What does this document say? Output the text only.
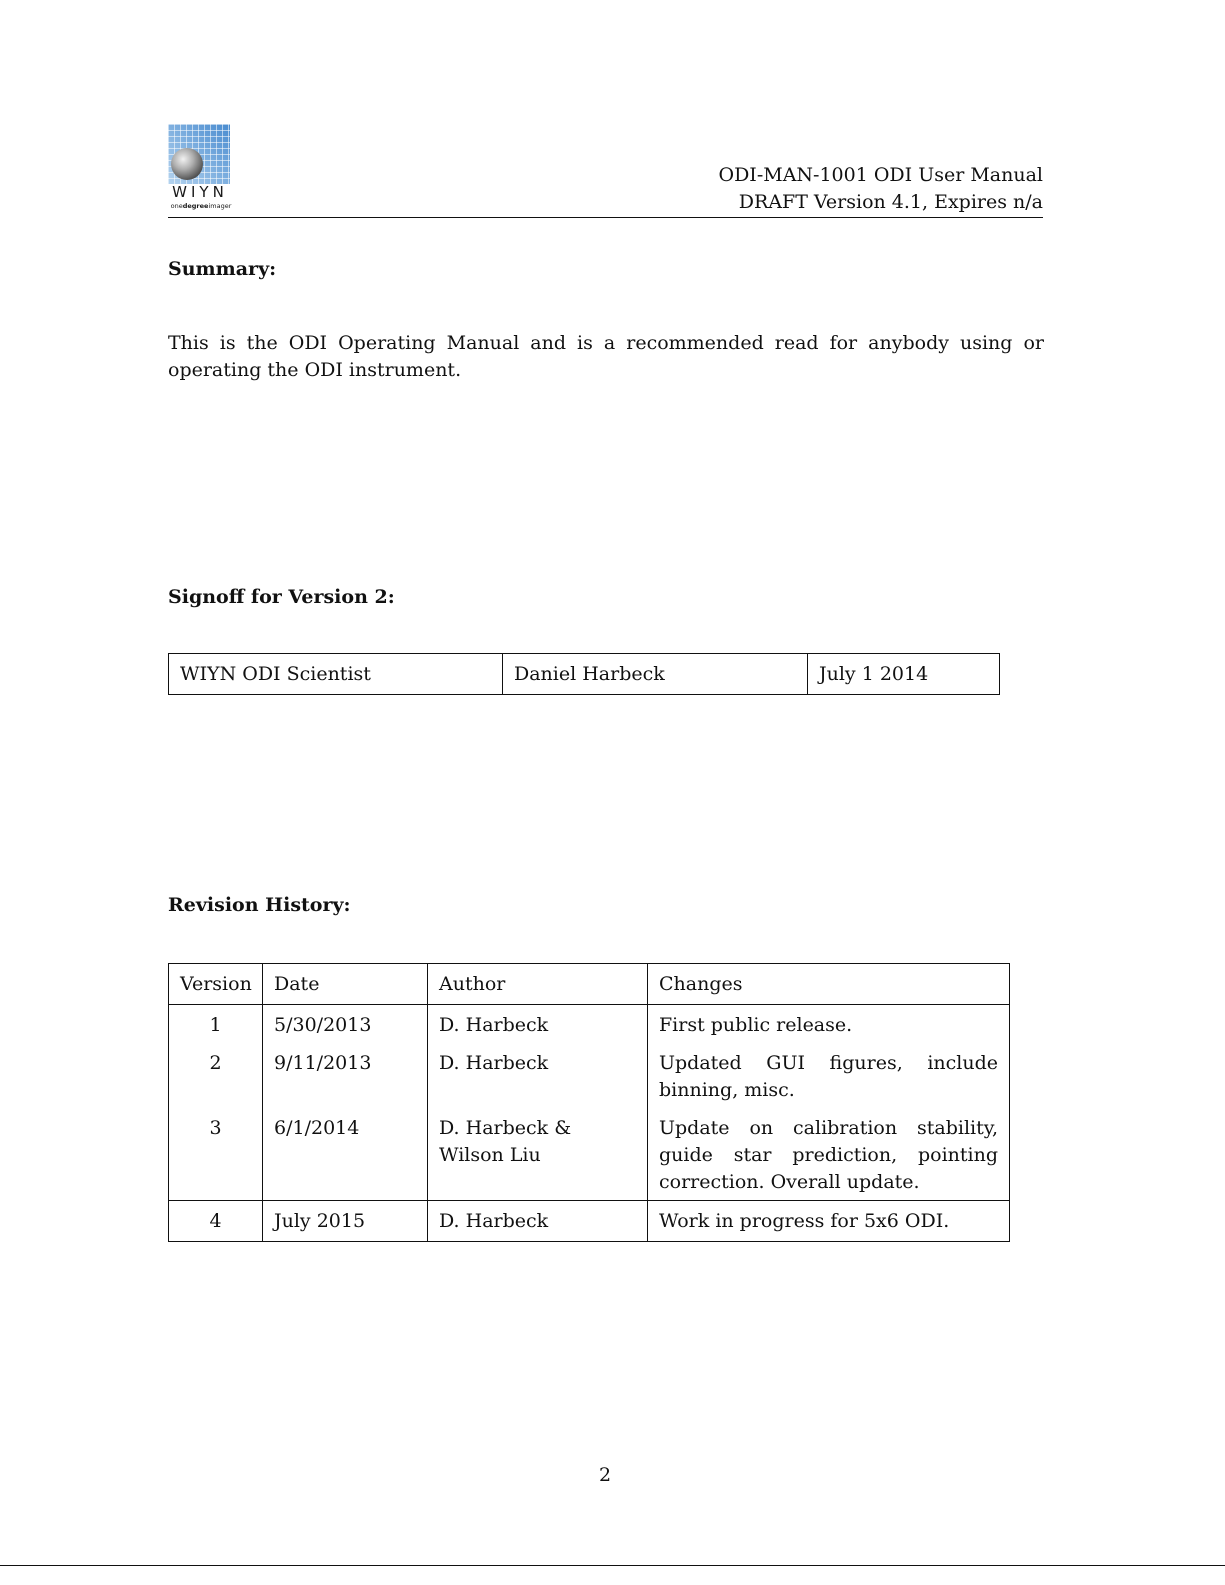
WIYN
onedegreeimager
ODI-MAN-1001 ODI User Manual
DRAFT Version 4.1, Expires n/a
Summary:
This is the ODI Operating Manual and is a recommended read for anybody using or operating the ODI instrument.
Signoff for Version 2:
WIYN ODI Scientist	Daniel Harbeck	July 1 2014
Revision History:
Version	Date	Author	Changes
1	5/30/2013	D. Harbeck	First public release.
2	9/11/2013	D. Harbeck	Updated GUI figures, include binning, misc.
3	6/1/2014	D. Harbeck & Wilson Liu	Update on calibration stability, guide star prediction, pointing correction. Overall update.
4	July 2015	D. Harbeck	Work in progress for 5x6 ODI.
2
